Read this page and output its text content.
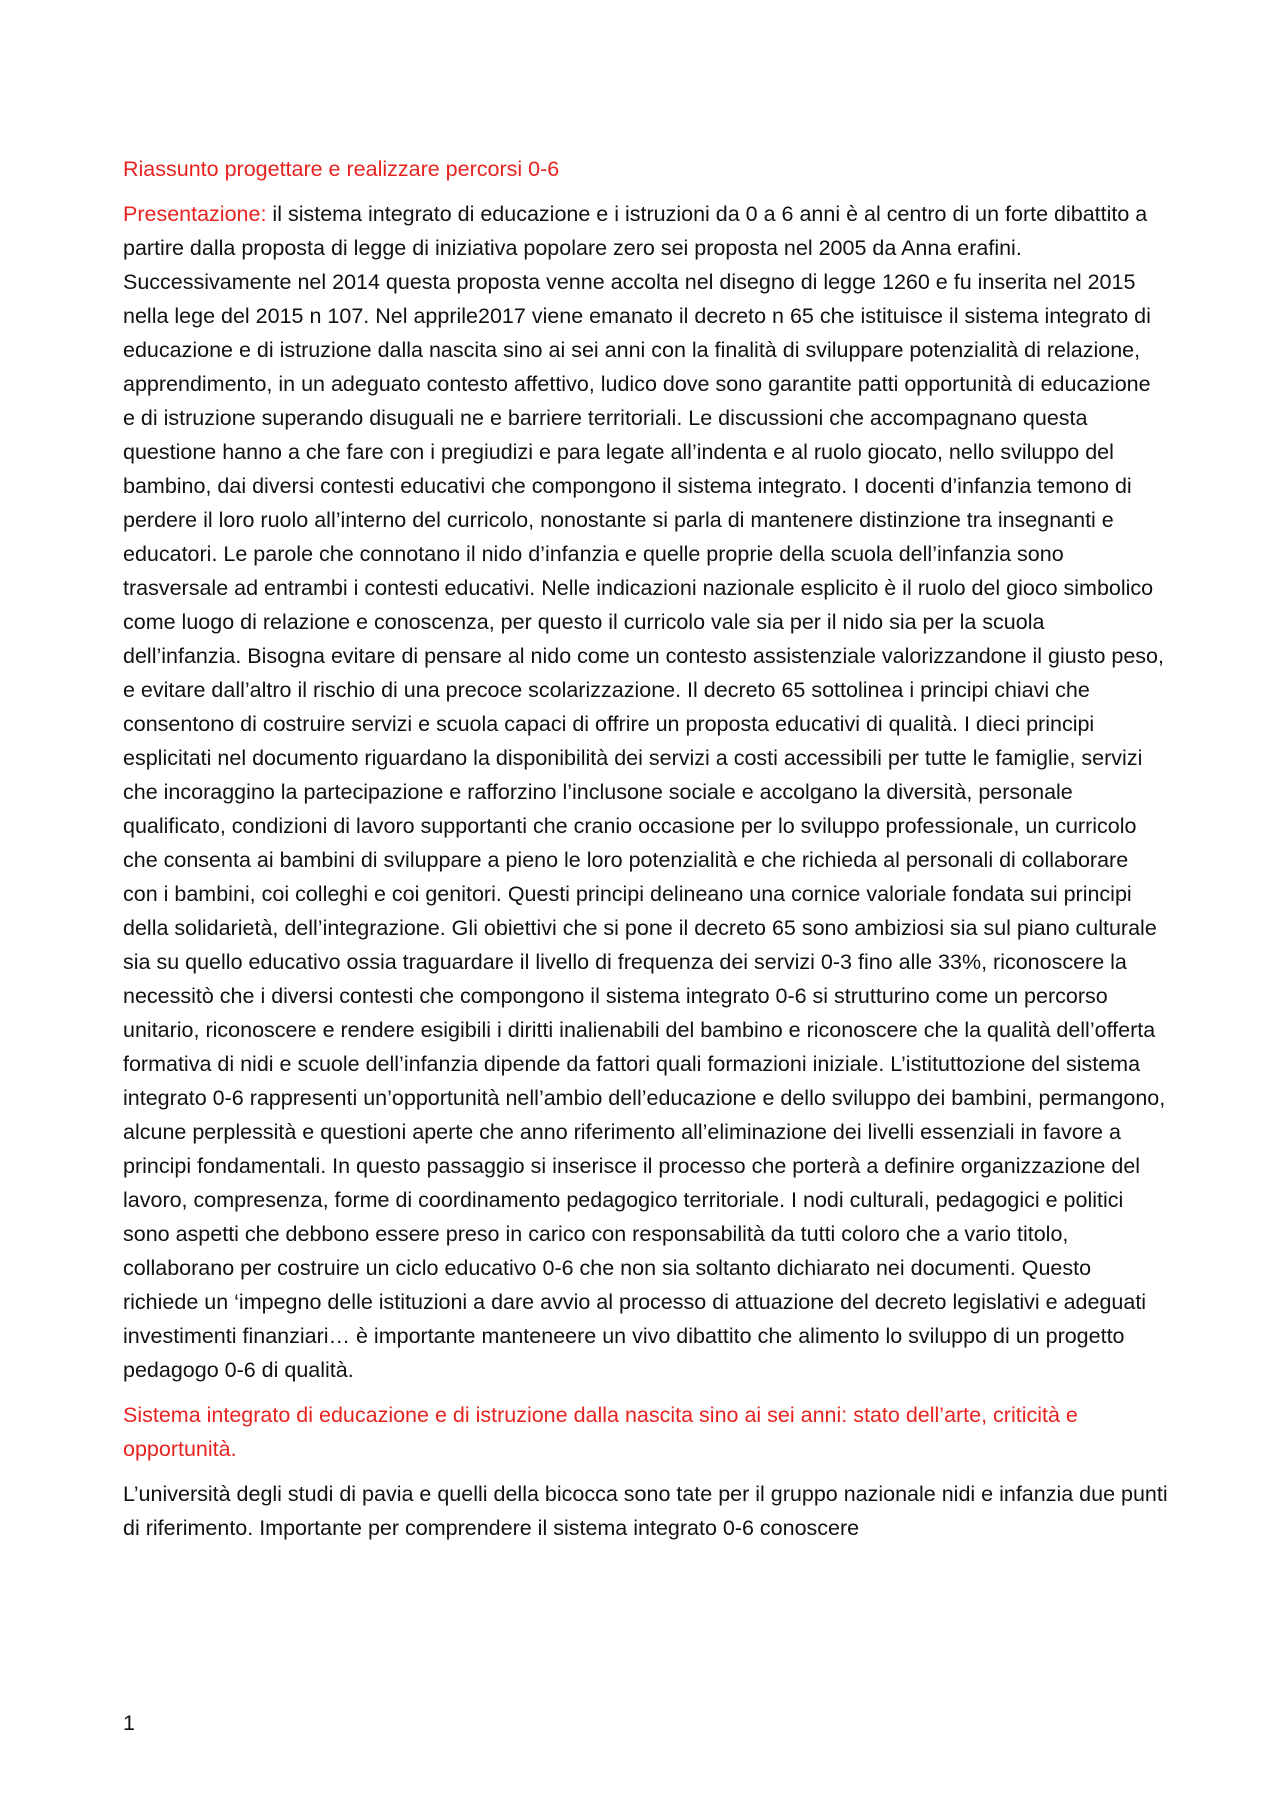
Riassunto progettare e realizzare percorsi 0-6

Presentazione: il sistema integrato di educazione e i istruzioni da 0 a 6 anni è al centro di un forte dibattito a partire dalla proposta di legge di iniziativa popolare zero sei proposta nel 2005 da Anna erafini. Successivamente nel 2014 questa proposta venne accolta nel disegno di legge 1260 e fu inserita nel 2015 nella lege del 2015 n 107. Nel apprile2017 viene emanato il decreto n 65 che istituisce il sistema integrato di educazione e di istruzione dalla nascita sino ai sei anni con la finalità di sviluppare potenzialità di relazione, apprendimento, in un adeguato contesto affettivo, ludico dove sono garantite patti opportunità di educazione e di istruzione superando disuguali ne e barriere territoriali. Le discussioni che accompagnano questa questione hanno a che fare con i pregiudizi e para legate all’indenta e al ruolo giocato, nello sviluppo del bambino, dai diversi contesti educativi che compongono il sistema integrato. I docenti d’infanzia temono di perdere il loro ruolo all’interno del curricolo, nonostante si parla di mantenere distinzione tra insegnanti e educatori. Le parole che connotano il nido d’infanzia e quelle proprie della scuola dell’infanzia sono trasversale ad entrambi i contesti educativi. Nelle indicazioni nazionale esplicito è il ruolo del gioco simbolico come luogo di relazione e conoscenza, per questo il curricolo vale sia per il nido sia per la scuola dell’infanzia. Bisogna evitare di pensare al nido come un contesto assistenziale valorizzandone il giusto peso, e evitare dall’altro il rischio di una precoce scolarizzazione. Il decreto 65 sottolinea i principi chiavi che consentono di costruire servizi e scuola capaci di offrire un proposta educativi di qualità. I dieci principi esplicitati nel documento riguardano la disponibilità dei servizi a costi accessibili per tutte le famiglie, servizi che incoraggino la partecipazione e rafforzino l’inclusone sociale e accolgano la diversità, personale qualificato, condizioni di lavoro supportanti che cranio occasione per lo sviluppo professionale, un curricolo che consenta ai bambini di sviluppare a pieno le loro potenzialità e che richieda al personali di collaborare con i bambini, coi colleghi e coi genitori. Questi principi delineano una cornice valoriale fondata sui principi della solidarietà, dell’integrazione. Gli obiettivi che si pone il decreto 65 sono ambiziosi sia sul piano culturale sia su quello educativo ossia traguardare il livello di frequenza dei servizi 0-3 fino alle 33%, riconoscere la necessitò che i diversi contesti che compongono il sistema integrato 0-6 si strutturino come un percorso unitario, riconoscere e rendere esigibili i diritti inalienabili del bambino e riconoscere che la qualità dell’offerta formativa di nidi e scuole dell’infanzia dipende da fattori quali formazioni iniziale. L’istituttozione del sistema integrato 0-6 rappresenti un’opportunità nell’ambio dell’educazione e dello sviluppo dei bambini, permangono, alcune perplessità e questioni aperte che anno riferimento all’eliminazione dei livelli essenziali in favore a principi fondamentali. In questo passaggio si inserisce il processo che porterà a definire organizzazione del lavoro, compresenza, forme di coordinamento pedagogico territoriale. I nodi culturali, pedagogici e politici sono aspetti che debbono essere preso in carico con responsabilità da tutti coloro che a vario titolo, collaborano per costruire un ciclo educativo 0-6 che non sia soltanto dichiarato nei documenti. Questo richiede un ‘impegno delle istituzioni a dare avvio al processo di attuazione del decreto legislativi e adeguati investimenti finanziari… è importante manteneere un vivo dibattito che alimento lo sviluppo di un progetto pedagogo 0-6 di qualità.

Sistema integrato di educazione e di istruzione dalla nascita sino ai sei anni: stato dell’arte, criticità e opportunità.

L’università degli studi di pavia e quelli della bicocca sono tate per il gruppo nazionale nidi e infanzia due punti di riferimento. Importante per comprendere il sistema integrato 0-6 conoscere

1
